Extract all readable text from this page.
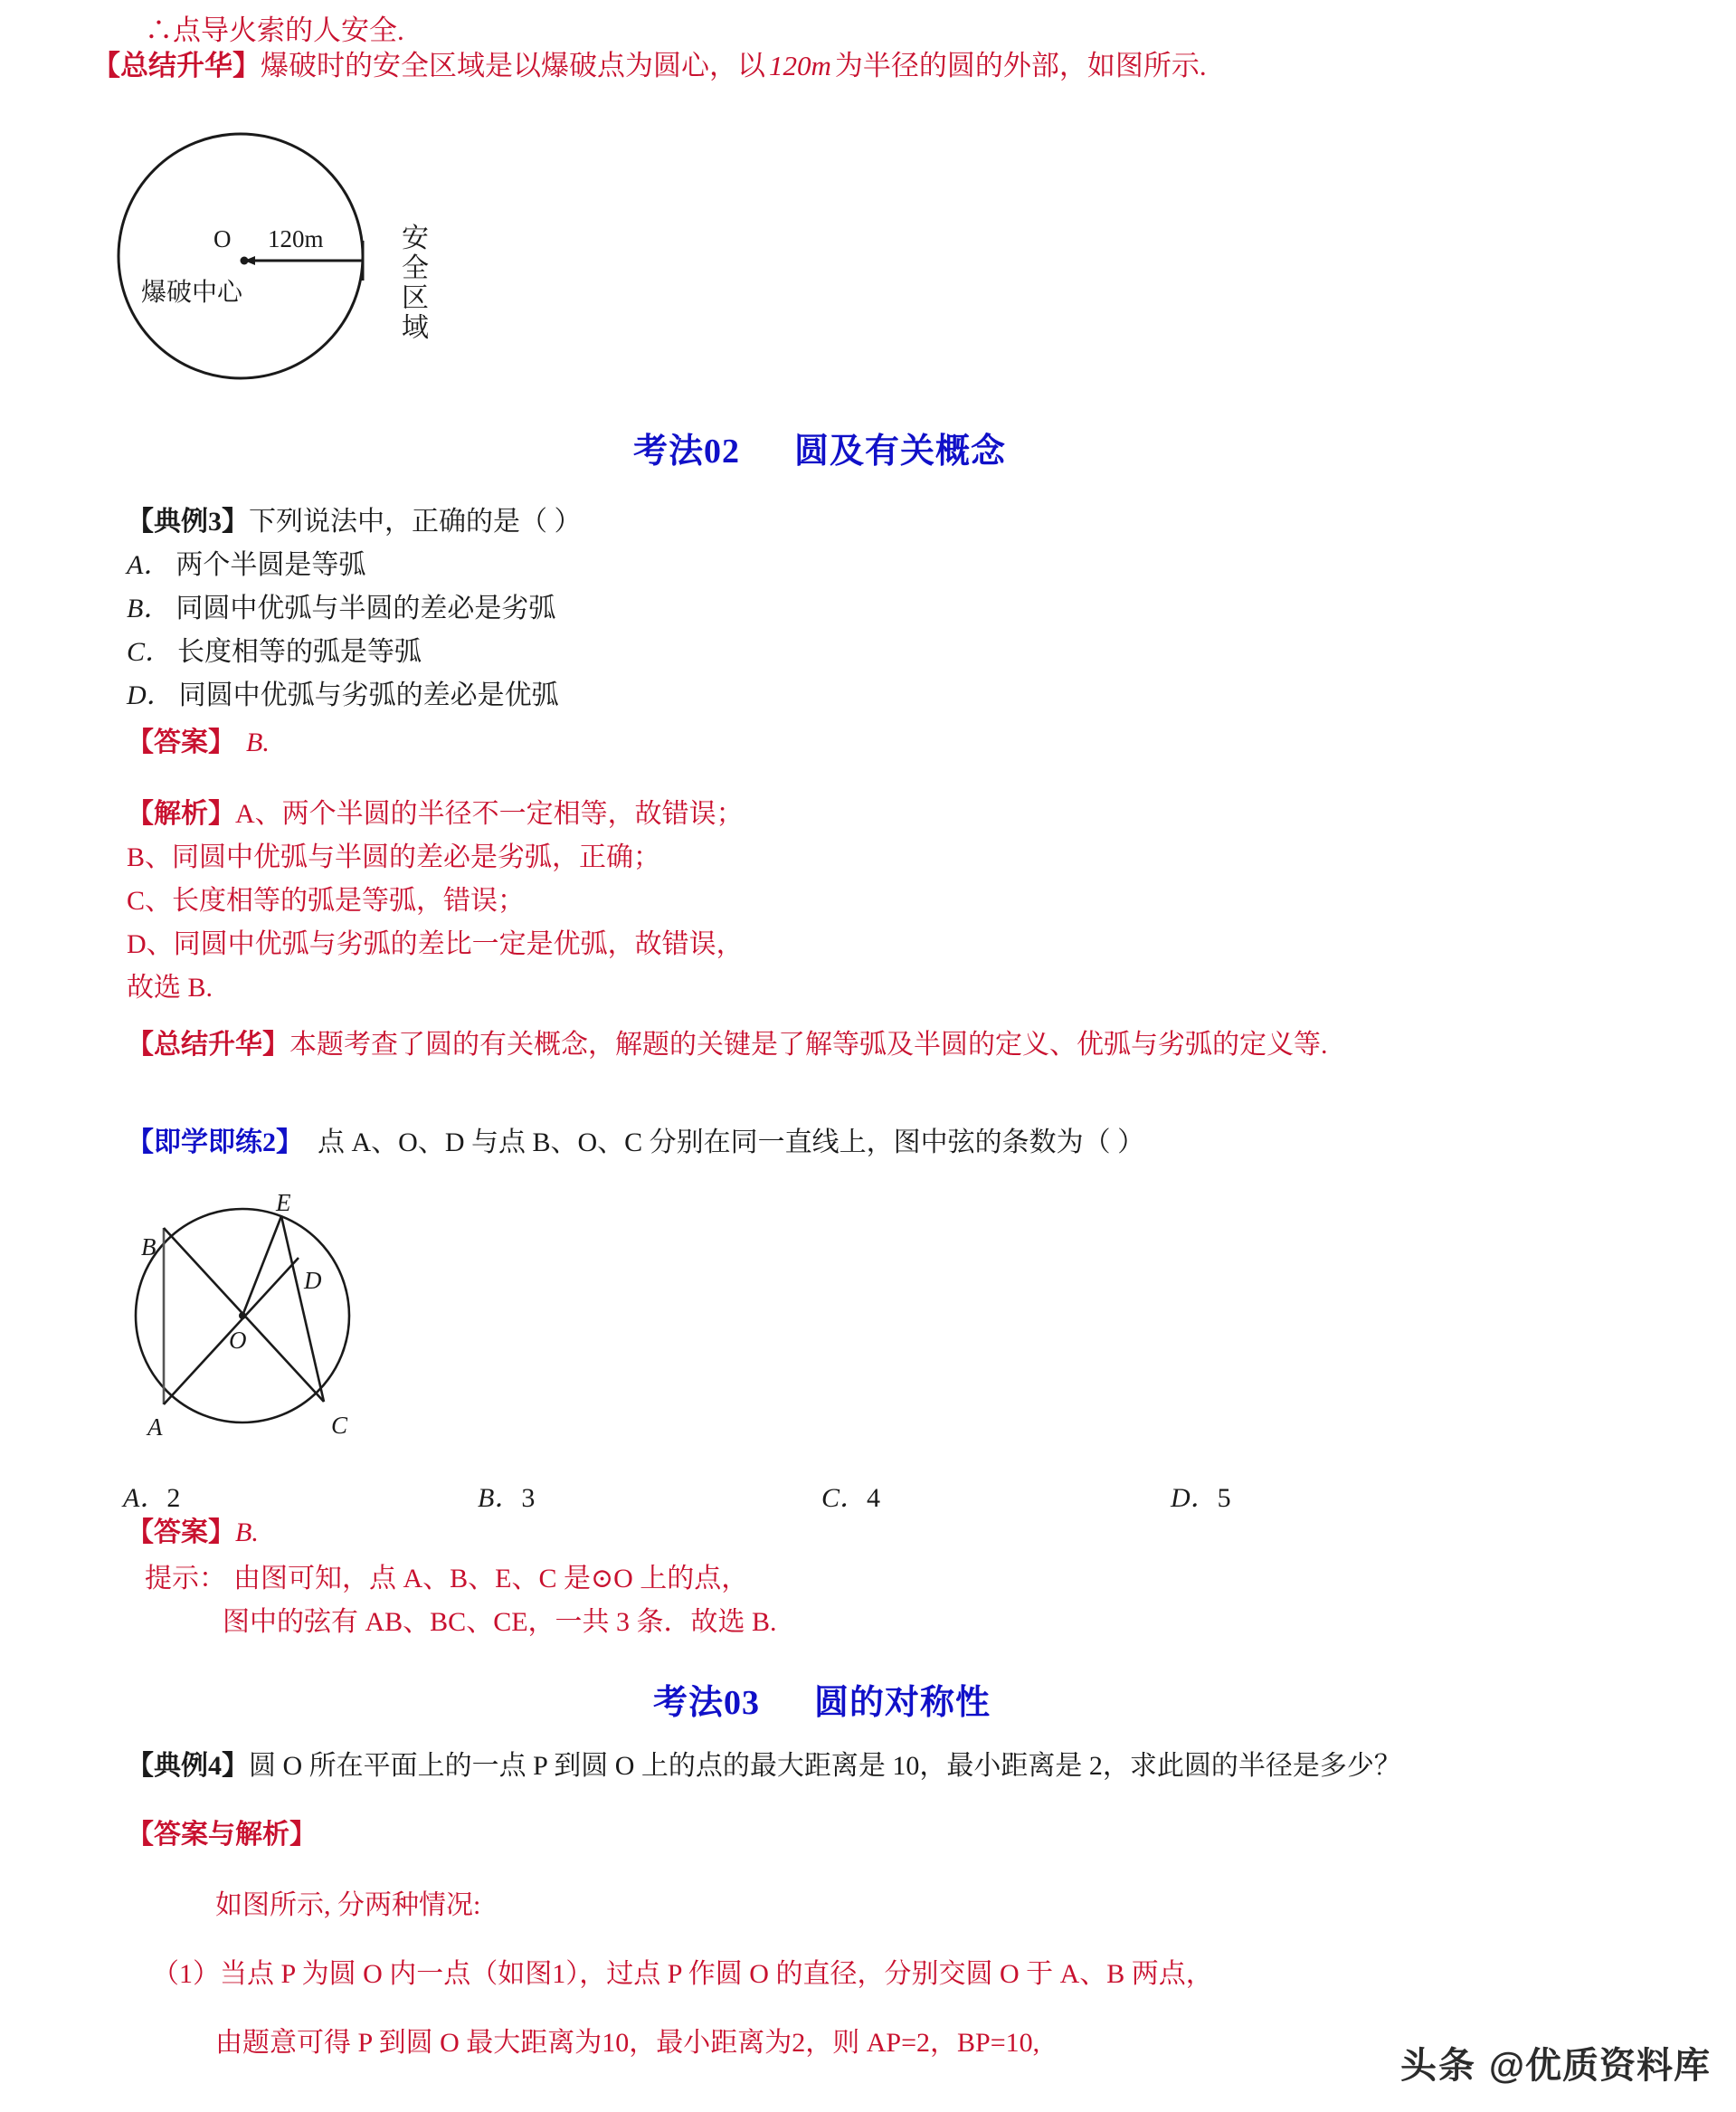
∴点导火索的人安全.
【总结升华】爆破时的安全区域是以爆破点为圆心，以 120m 为半径的圆的外部，如图所示.
O 120m
爆破中心
安
全
区
域
考法02 圆及有关概念
【典例3】下列说法中，正确的是（ ）
A． 两个半圆是等弧
B． 同圆中优弧与半圆的差必是劣弧
C． 长度相等的弧是等弧
D． 同圆中优弧与劣弧的差必是优弧
【答案】 B.
【解析】A、两个半圆的半径不一定相等，故错误；
B、同圆中优弧与半圆的差必是劣弧，正确；
C、长度相等的弧是等弧，错误；
D、同圆中优弧与劣弧的差比一定是优弧，故错误，
故选 B.
【总结升华】本题考查了圆的有关概念，解题的关键是了解等弧及半圆的定义、优弧与劣弧的定义等.
【即学即练2】 点 A、O、D 与点 B、O、C 分别在同一直线上，图中弦的条数为（ ）
A
B
C
D
E
O
A．2	B．3	C．4	D．5
【答案】B.
提示： 由图可知，点 A、B、E、C 是⊙O 上的点，
图中的弦有 AB、BC、CE，一共 3 条．故选 B.
考法03 圆的对称性
【典例4】圆 O 所在平面上的一点 P 到圆 O 上的点的最大距离是 10，最小距离是 2，求此圆的半径是多少？
【答案与解析】
如图所示, 分两种情况:
（1）当点 P 为圆 O 内一点（如图1），过点 P 作圆 O 的直径，分别交圆 O 于 A、B 两点，
由题意可得 P 到圆 O 最大距离为10，最小距离为2，则 AP=2，BP=10,
头条 @优质资料库
